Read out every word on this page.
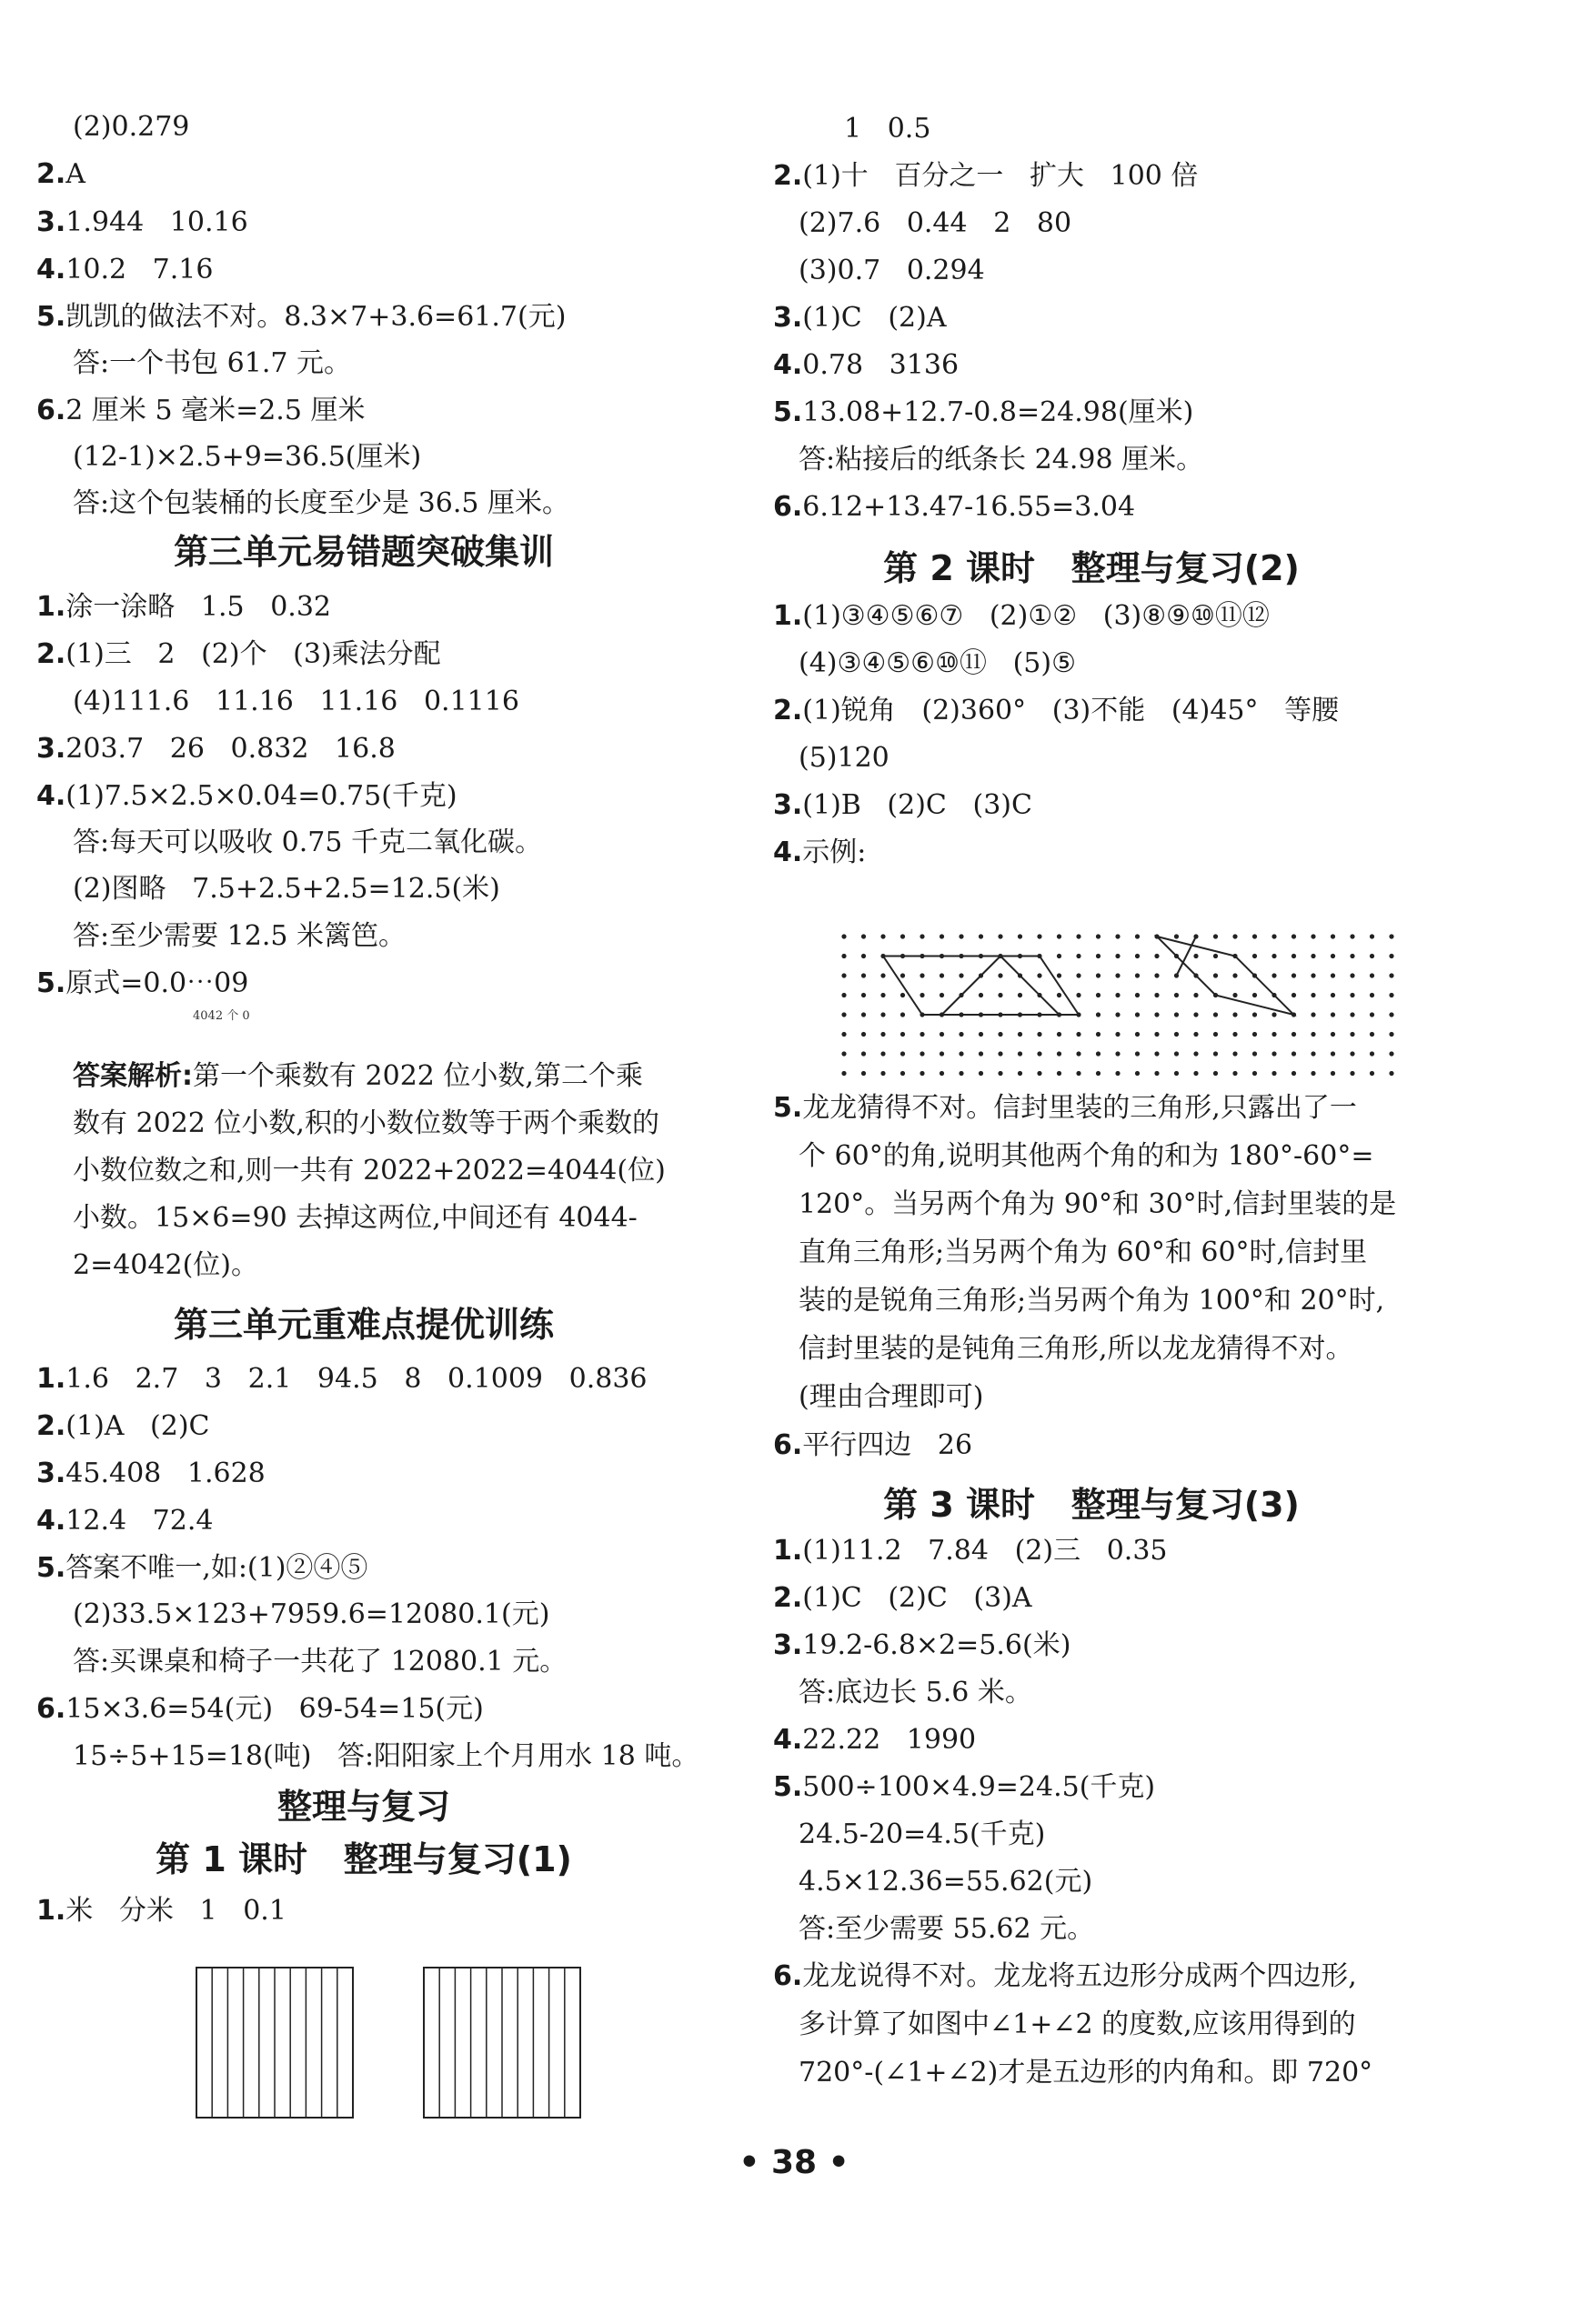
(2)0.279
2.A
3.1.944   10.16
4.10.2   7.16
5.凯凯的做法不对。8.3×7+3.6=61.7(元)
答:一个书包 61.7 元。
6.2 厘米 5 毫米=2.5 厘米
(12-1)×2.5+9=36.5(厘米)
答:这个包装桶的长度至少是 36.5 厘米。
1.涂一涂略   1.5   0.32
2.(1)三   2   (2)个   (3)乘法分配
(4)111.6   11.16   11.16   0.1116
3.203.7   26   0.832   16.8
4.(1)7.5×2.5×0.04=0.75(千克)
答:每天可以吸收 0.75 千克二氧化碳。
(2)图略   7.5+2.5+2.5=12.5(米)
答:至少需要 12.5 米篱笆。
5.原式=0.0⋯09
数有 2022 位小数,积的小数位数等于两个乘数的
小数位数之和,则一共有 2022+2022=4044(位)
小数。15×6=90 去掉这两位,中间还有 4044-
2=4042(位)。
1.1.6   2.7   3   2.1   94.5   8   0.1009   0.836
2.(1)A   (2)C
3.45.408   1.628
4.12.4   72.4
5.答案不唯一,如:(1)②④⑤
(2)33.5×123+7959.6=12080.1(元)
答:买课桌和椅子一共花了 12080.1 元。
6.15×3.6=54(元)   69-54=15(元)
15÷5+15=18(吨)   答:阳阳家上个月用水 18 吨。
1.米   分米   1   0.1
第三单元易错题突破集训
第三单元重难点提优训练
整理与复习
第 1 课时   整理与复习(1)
答案解析:第一个乘数有 2022 位小数,第二个乘
4042 个 0
1   0.5
2.(1)十   百分之一   扩大   100 倍
(2)7.6   0.44   2   80
(3)0.7   0.294
3.(1)C   (2)A
4.0.78   3136
5.13.08+12.7-0.8=24.98(厘米)
答:粘接后的纸条长 24.98 厘米。
6.6.12+13.47-16.55=3.04
1.(1)③④⑤⑥⑦   (2)①②   (3)⑧⑨⑩⑪⑫
(4)③④⑤⑥⑩⑪   (5)⑤
2.(1)锐角   (2)360°   (3)不能   (4)45°   等腰
(5)120
3.(1)B   (2)C   (3)C
4.示例:
5.龙龙猜得不对。信封里装的三角形,只露出了一
个 60°的角,说明其他两个角的和为 180°-60°=
120°。当另两个角为 90°和 30°时,信封里装的是
直角三角形;当另两个角为 60°和 60°时,信封里
装的是锐角三角形;当另两个角为 100°和 20°时,
信封里装的是钝角三角形,所以龙龙猜得不对。
(理由合理即可)
6.平行四边   26
1.(1)11.2   7.84   (2)三   0.35
2.(1)C   (2)C   (3)A
3.19.2-6.8×2=5.6(米)
答:底边长 5.6 米。
4.22.22   1990
5.500÷100×4.9=24.5(千克)
24.5-20=4.5(千克)
4.5×12.36=55.62(元)
答:至少需要 55.62 元。
6.龙龙说得不对。龙龙将五边形分成两个四边形,
多计算了如图中∠1+∠2 的度数,应该用得到的
720°-(∠1+∠2)才是五边形的内角和。即 720°
第 2 课时   整理与复习(2)
第 3 课时   整理与复习(3)
• 38 •
